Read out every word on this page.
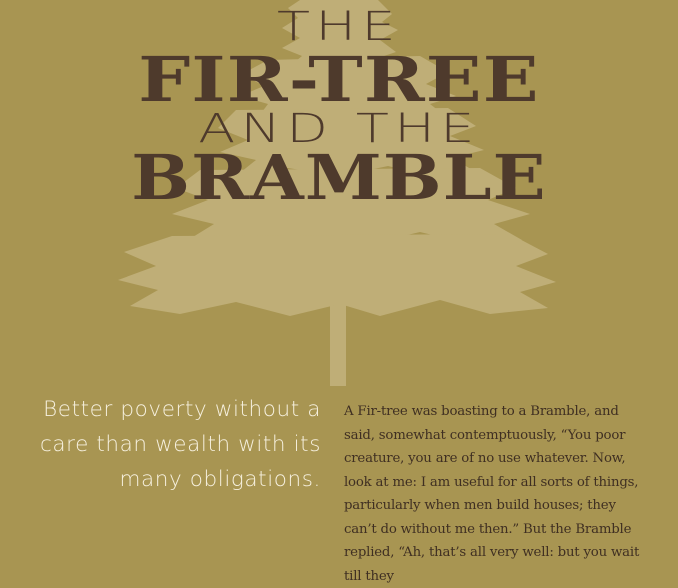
THE
FIR-TREE
AND THE
BRAMBLE
Better poverty without a care than wealth with its many obligations.
A Fir-tree was boasting to a Bramble, and said, somewhat contemptuously, “You poor creature, you are of no use whatever. Now, look at me: I am useful for all sorts of things, particularly when men build houses; they can’t do without me then.” But the Bramble replied, “Ah, that’s all very well: but you wait till they
